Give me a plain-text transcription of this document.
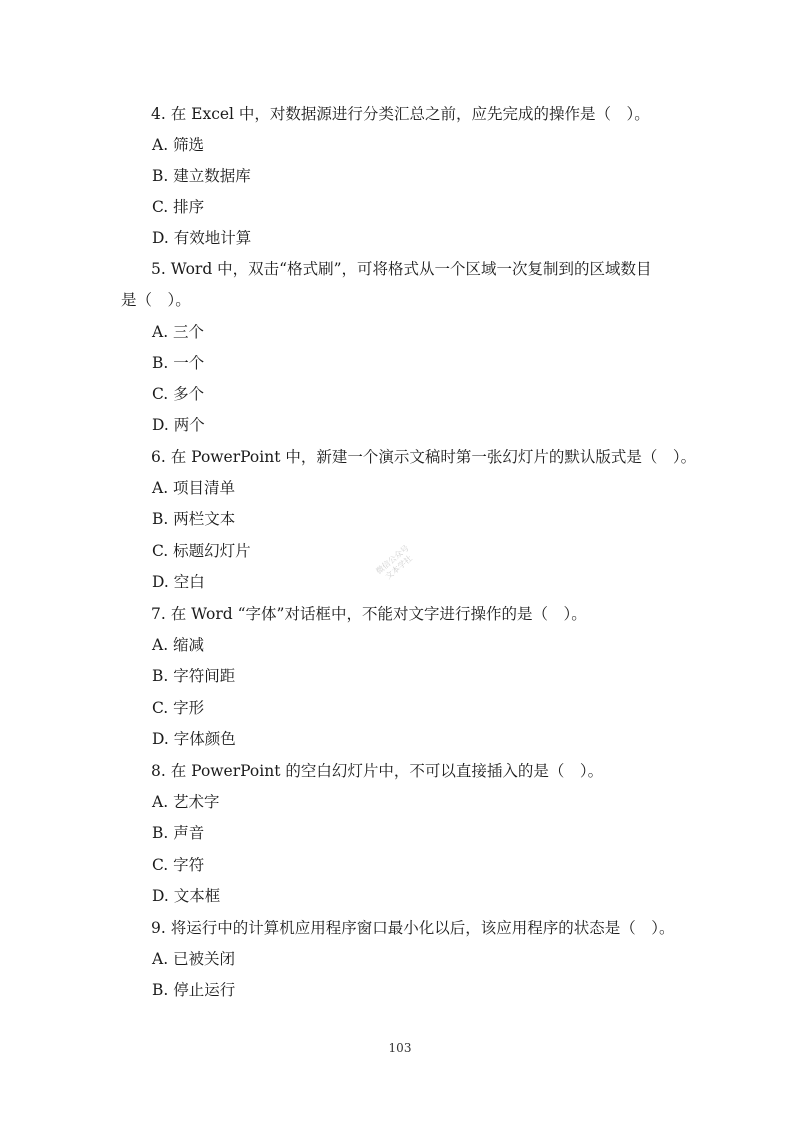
4. 在 Excel 中，对数据源进行分类汇总之前，应先完成的操作是（　）。
A. 筛选
B. 建立数据库
C. 排序
D. 有效地计算
5. Word 中，双击“格式刷”，可将格式从一个区域一次复制到的区域数目
是（　）。
A. 三个
B. 一个
C. 多个
D. 两个
6. 在 PowerPoint 中，新建一个演示文稿时第一张幻灯片的默认版式是（　）。
A. 项目清单
B. 两栏文本
C. 标题幻灯片
D. 空白
7. 在 Word “字体”对话框中，不能对文字进行操作的是（　）。
A. 缩减
B. 字符间距
C. 字形
D. 字体颜色
8. 在 PowerPoint 的空白幻灯片中，不可以直接插入的是（　）。
A. 艺术字
B. 声音
C. 字符
D. 文本框
9. 将运行中的计算机应用程序窗口最小化以后，该应用程序的状态是（　）。
A. 已被关闭
B. 停止运行
微信公众号
文本学社
103
